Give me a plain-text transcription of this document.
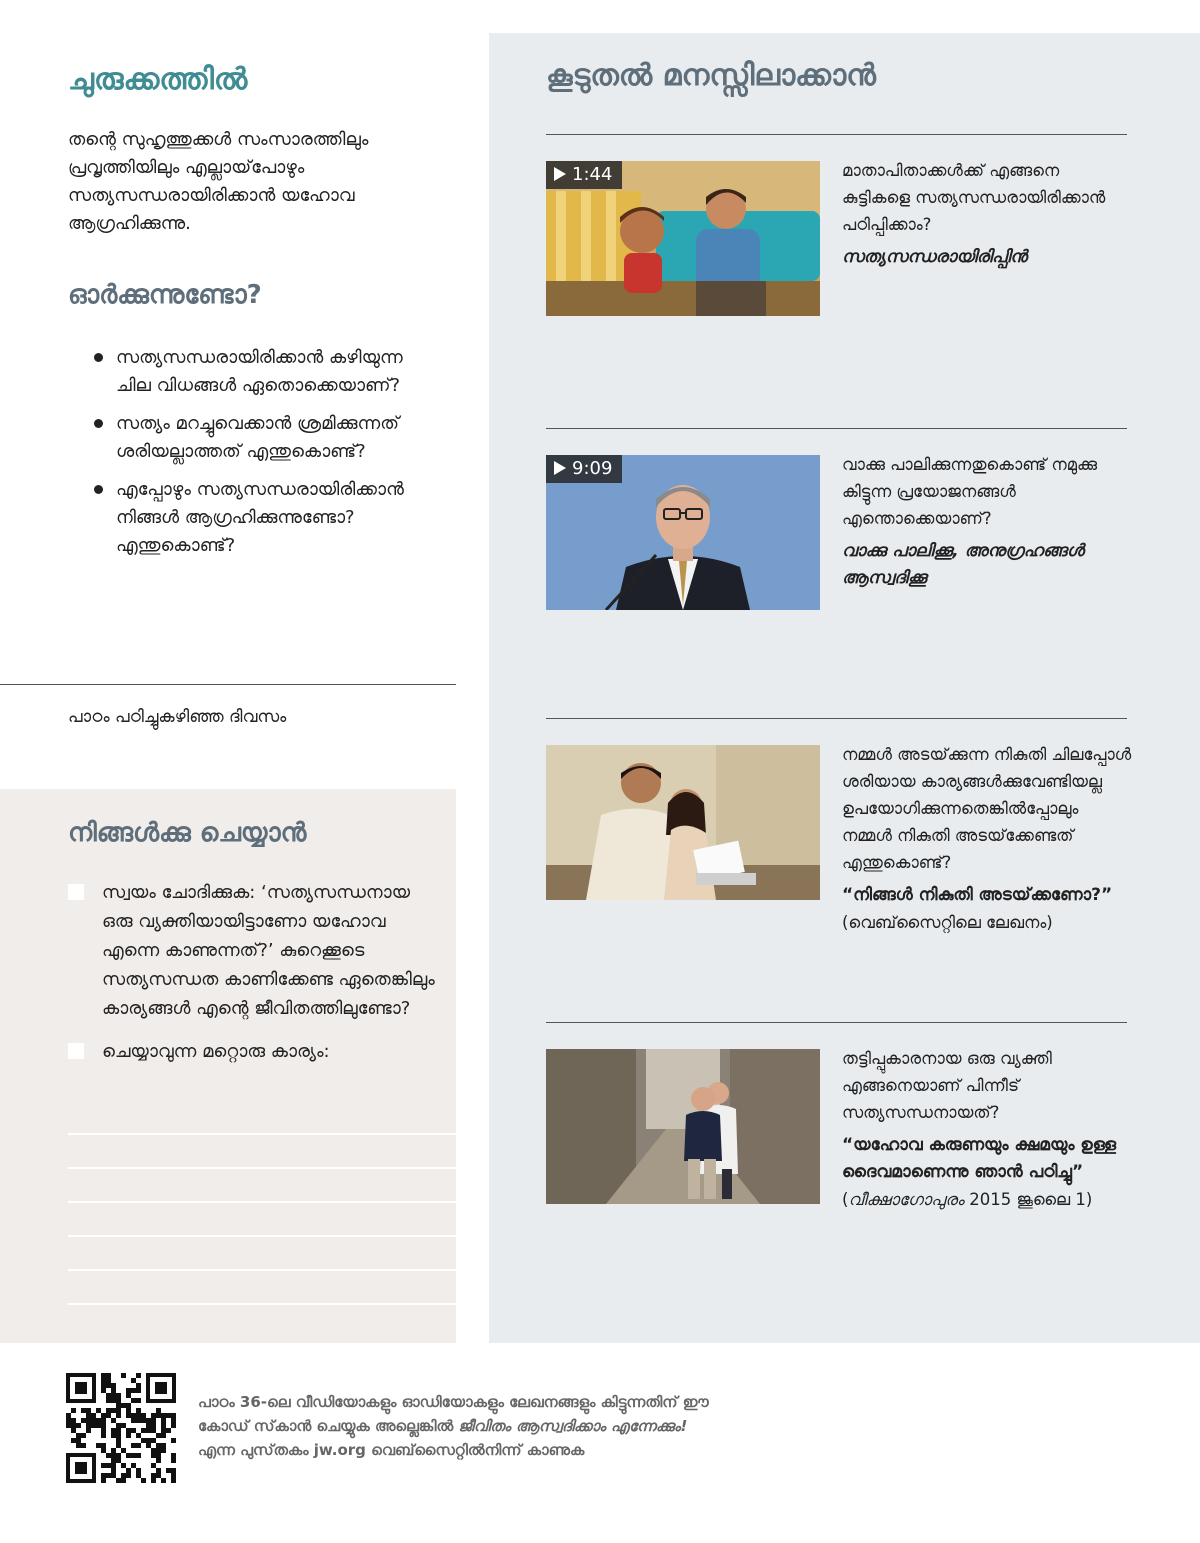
ചുരുക്കത്തിൽ

തന്റെ സുഹൃത്തുക്കൾ സംസാരത്തിലും പ്രവൃത്തിയിലും എല്ലായ്‌പോഴും സത്യസന്ധരായിരിക്കാൻ യഹോവ ആഗ്രഹിക്കുന്നു.

ഓർക്കുന്നുണ്ടോ?
സത്യസന്ധരായിരിക്കാൻ കഴിയുന്ന ചില വിധങ്ങൾ ഏതൊക്കെയാണ്‌?
സത്യം മറച്ചുവെക്കാൻ ശ്രമിക്കുന്നത്‌ ശരിയല്ലാത്തത്‌ എന്തുകൊണ്ട്‌?
എപ്പോഴും സത്യസന്ധരായിരിക്കാൻ നിങ്ങൾ ആഗ്രഹിക്കുന്നുണ്ടോ? എന്തുകൊണ്ട്‌?
പാഠം പഠിച്ചുകഴിഞ്ഞ ദിവസം
നിങ്ങൾക്കു ചെയ്യാൻ
സ്വയം ചോദിക്കുക: ‘സത്യസന്ധനായ ഒരു വ്യക്തിയായിട്ടാണോ യഹോവ എന്നെ കാണുന്നത്‌?’ കുറെക്കൂടെ സത്യസന്ധത കാണിക്കേണ്ട ഏതെങ്കിലും കാര്യങ്ങൾ എന്റെ ജീവിതത്തിലുണ്ടോ?
ചെയ്യാവുന്ന മറ്റൊരു കാര്യം:
കൂടുതൽ മനസ്സിലാക്കാൻ
1:44	മാതാപിതാക്കൾക്ക്‌ എങ്ങനെ കുട്ടികളെ സത്യസന്ധരായിരിക്കാൻ പഠിപ്പിക്കാം?

സത്യസന്ധരായിരിപ്പിൻ

9:09	വാക്കു പാലിക്കുന്നതുകൊണ്ട്‌ നമുക്കു കിട്ടുന്ന പ്രയോജനങ്ങൾ എന്തൊക്കെയാണ്‌?

വാക്കു പാലിക്കൂ, അനുഗ്രഹങ്ങൾ ആസ്വദിക്കൂ

നമ്മൾ അടയ്‌ക്കുന്ന നികുതി ചിലപ്പോൾ ശരിയായ കാര്യങ്ങൾക്കുവേണ്ടിയല്ല ഉപയോഗിക്കുന്നതെങ്കിൽപ്പോലും നമ്മൾ നികുതി അടയ്‌ക്കേണ്ടത്‌ എന്തുകൊണ്ട്‌?

“നിങ്ങൾ നികുതി അടയ്‌ക്കണോ?”

(വെബ്‌സൈറ്റിലെ ലേഖനം)

തട്ടിപ്പുകാരനായ ഒരു വ്യക്തി എങ്ങനെയാണ്‌ പിന്നീട്‌ സത്യസന്ധനായത്‌?

“യഹോവ കരുണയും ക്ഷമയും ഉള്ള ദൈവമാണെന്നു ഞാൻ പഠിച്ചു”

(വീക്ഷാഗോപുരം 2015 ജൂലൈ 1)

പാഠം 36-ലെ വീഡിയോകളും ഓഡിയോകളും ലേഖനങ്ങളും കിട്ടുന്നതിന്‌ ഈ കോഡ്‌ സ്‌കാൻ ചെയ്യുക അല്ലെങ്കിൽ ജീവിതം ആസ്വദിക്കാം എന്നേക്കും! എന്ന പുസ്‌തകം jw.org വെബ്‌സൈറ്റിൽനിന്ന്‌ കാണുക
